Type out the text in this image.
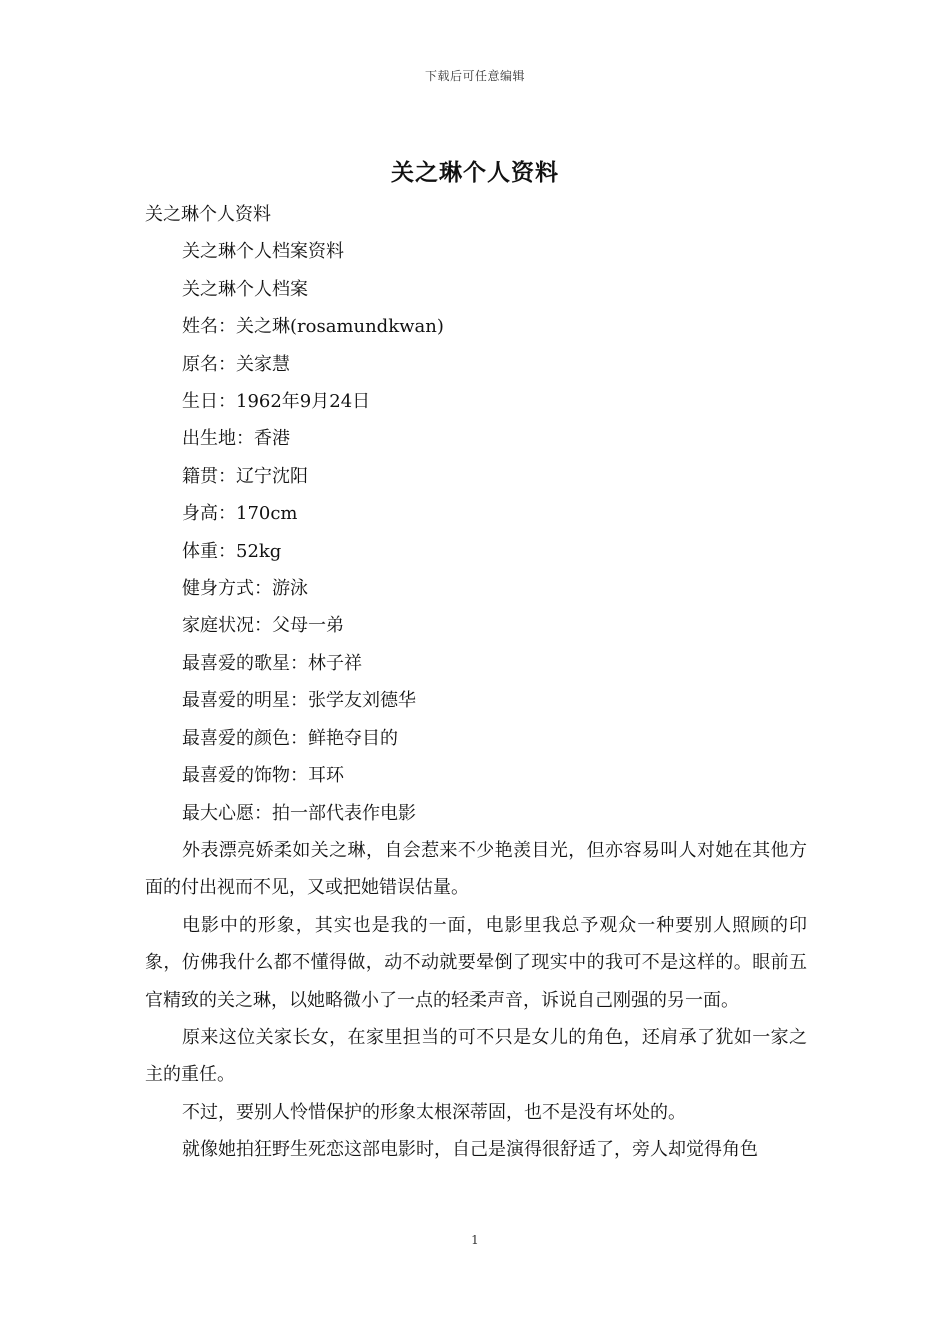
下载后可任意编辑
关之琳个人资料

关之琳个人资料

关之琳个人档案资料

关之琳个人档案

姓名：关之琳(rosamundkwan)

原名：关家慧

生日：1962年9月24日

出生地：香港

籍贯：辽宁沈阳

身高：170cm

体重：52kg

健身方式：游泳

家庭状况：父母一弟

最喜爱的歌星：林子祥

最喜爱的明星：张学友刘德华

最喜爱的颜色：鲜艳夺目的

最喜爱的饰物：耳环

最大心愿：拍一部代表作电影

外表漂亮娇柔如关之琳，自会惹来不少艳羡目光，但亦容易叫人对她在其他方面的付出视而不见，又或把她错误估量。

电影中的形象，其实也是我的一面，电影里我总予观众一种要别人照顾的印象，仿佛我什么都不懂得做，动不动就要晕倒了现实中的我可不是这样的。眼前五官精致的关之琳，以她略微小了一点的轻柔声音，诉说自己刚强的另一面。

原来这位关家长女，在家里担当的可不只是女儿的角色，还肩承了犹如一家之主的重任。

不过，要别人怜惜保护的形象太根深蒂固，也不是没有坏处的。

就像她拍狂野生死恋这部电影时，自己是演得很舒适了，旁人却觉得角色

1
